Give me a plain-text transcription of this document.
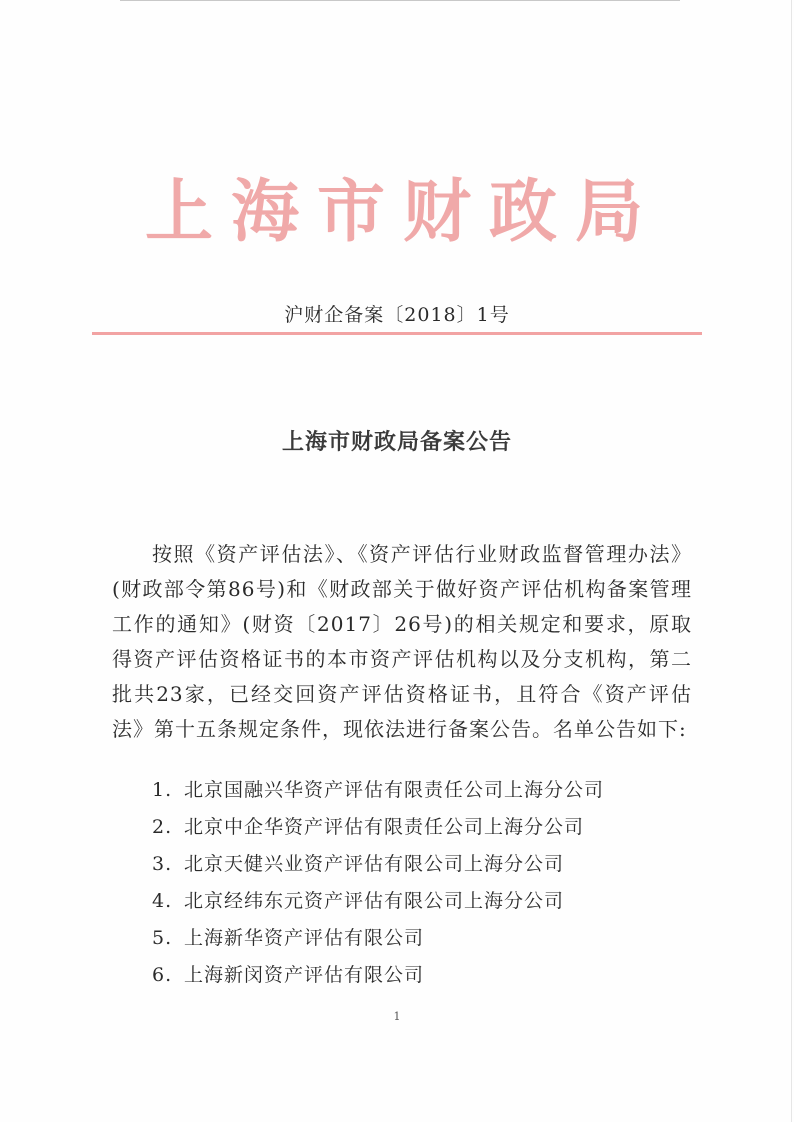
上海市财政局
沪财企备案〔2018〕1号
上海市财政局备案公告
按照《资产评估法》、《资产评估行业财政监督管理办法》(财政部令第86号)和《财政部关于做好资产评估机构备案管理工作的通知》(财资〔2017〕26号)的相关规定和要求，原取得资产评估资格证书的本市资产评估机构以及分支机构，第二批共23家，已经交回资产评估资格证书，且符合《资产评估法》第十五条规定条件，现依法进行备案公告。名单公告如下:
1. 北京国融兴华资产评估有限责任公司上海分公司
2. 北京中企华资产评估有限责任公司上海分公司
3. 北京天健兴业资产评估有限公司上海分公司
4. 北京经纬东元资产评估有限公司上海分公司
5. 上海新华资产评估有限公司
6. 上海新闵资产评估有限公司
1
